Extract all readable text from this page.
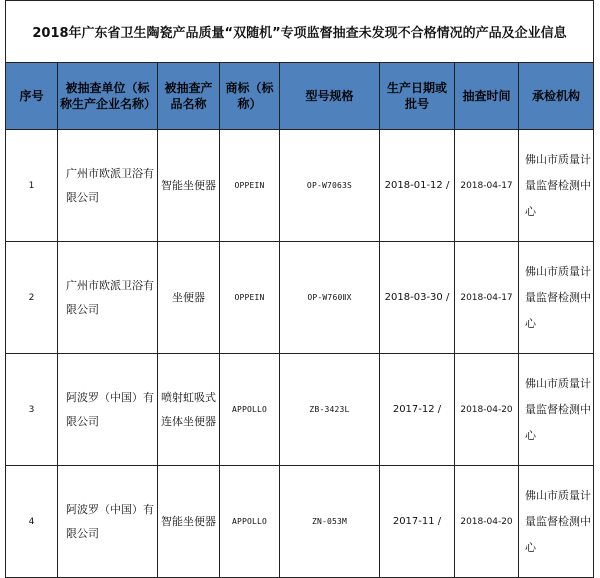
2018年广东省卫生陶瓷产品质量“双随机”专项监督抽查未发现不合格情况的产品及企业信息							
序号	被抽查单位（标称生产企业名称）	被抽查产品名称	商标（标称）	型号规格	生产日期或批号	抽查时间	承检机构
1	广州市欧派卫浴有限公司	智能坐便器	OPPEIN	OP-W7063S	2018-01-12 /	2018-04-17	佛山市质量计量监督检测中心
2	广州市欧派卫浴有限公司	坐便器	OPPEIN	OP-W760ⅡX	2018-03-30 /	2018-04-17	佛山市质量计量监督检测中心
3	阿波罗（中国）有限公司	喷射虹吸式连体坐便器	APPOLLO	ZB-3423L	2017-12 /	2018-04-20	佛山市质量计量监督检测中心
4	阿波罗（中国）有限公司	智能坐便器	APPOLLO	ZN-053M	2017-11 /	2018-04-20	佛山市质量计量监督检测中心
